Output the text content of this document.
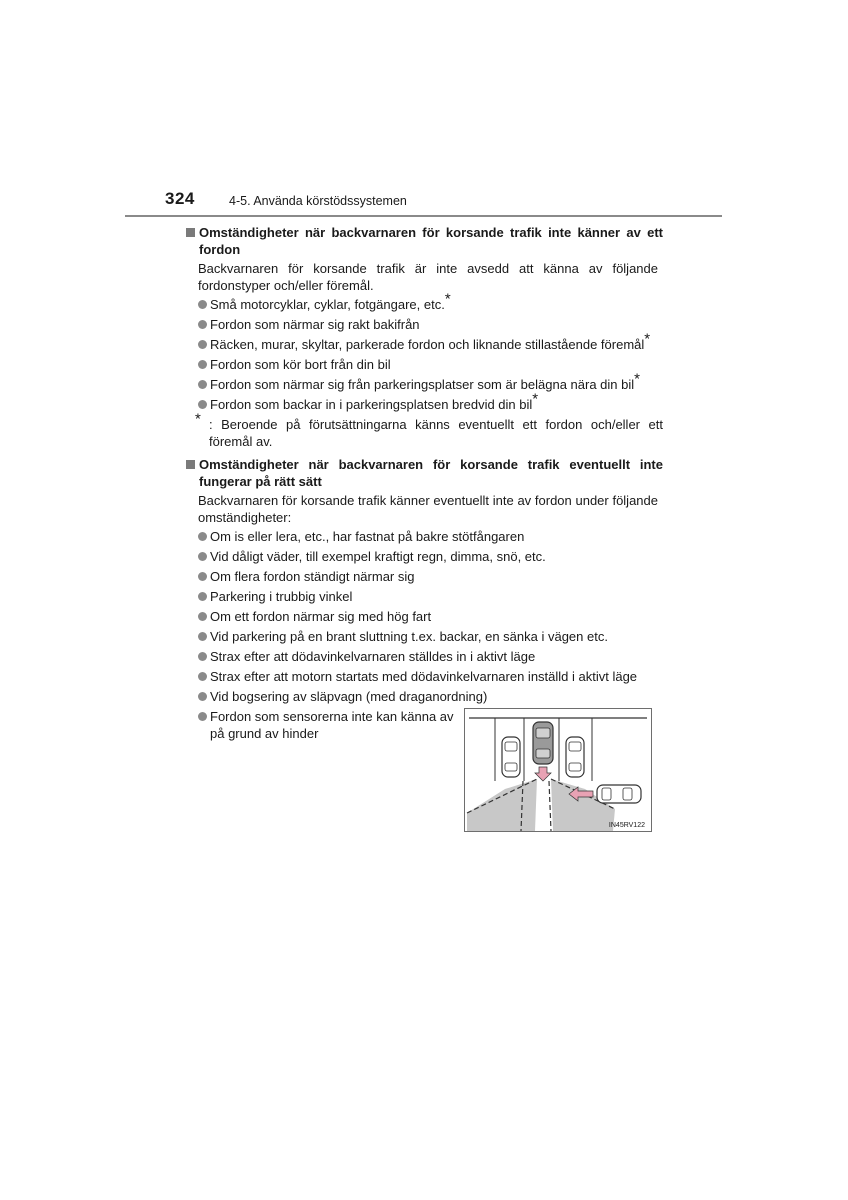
324	4-5. Använda körstödssystemen
Omständigheter när backvarnaren för korsande trafik inte känner av ett fordon
Backvarnaren för korsande trafik är inte avsedd att känna av följande fordonstyper och/eller föremål.
Små motorcyklar, cyklar, fotgängare, etc.*
Fordon som närmar sig rakt bakifrån
Räcken, murar, skyltar, parkerade fordon och liknande stillastående föremål*
Fordon som kör bort från din bil
Fordon som närmar sig från parkeringsplatser som är belägna nära din bil*
Fordon som backar in i parkeringsplatsen bredvid din bil*
* : Beroende på förutsättningarna känns eventuellt ett fordon och/eller ett föremål av.
Omständigheter när backvarnaren för korsande trafik eventuellt inte fungerar på rätt sätt
Backvarnaren för korsande trafik känner eventuellt inte av fordon under följande omständigheter:
Om is eller lera, etc., har fastnat på bakre stötfångaren
Vid dåligt väder, till exempel kraftigt regn, dimma, snö, etc.
Om flera fordon ständigt närmar sig
Parkering i trubbig vinkel
Om ett fordon närmar sig med hög fart
Vid parkering på en brant sluttning t.ex. backar, en sänka i vägen etc.
Strax efter att dödavinkelvarnaren ställdes in i aktivt läge
Strax efter att motorn startats med dödavinkelvarnaren inställd i aktivt läge
Vid bogsering av släpvagn (med draganordning)
Fordon som sensorerna inte kan känna av på grund av hinder
IN45RV122
